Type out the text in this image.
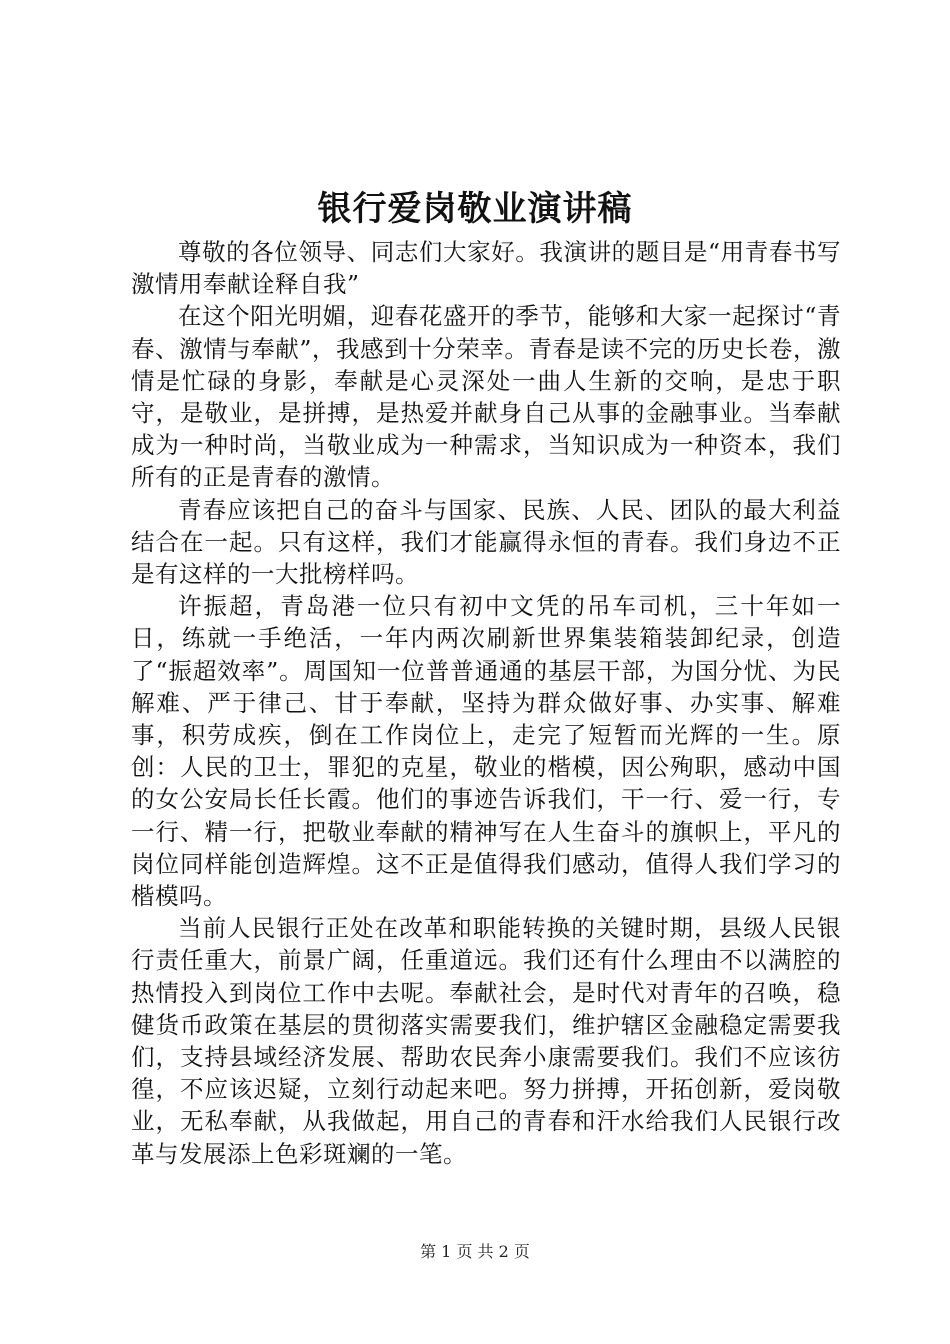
银行爱岗敬业演讲稿

尊敬的各位领导、同志们大家好。我演讲的题目是“用青春书写激情用奉献诠释自我”

在这个阳光明媚，迎春花盛开的季节，能够和大家一起探讨“青春、激情与奉献”，我感到十分荣幸。青春是读不完的历史长卷，激情是忙碌的身影，奉献是心灵深处一曲人生新的交响，是忠于职守，是敬业，是拼搏，是热爱并献身自己从事的金融事业。当奉献成为一种时尚，当敬业成为一种需求，当知识成为一种资本，我们所有的正是青春的激情。

青春应该把自己的奋斗与国家、民族、人民、团队的最大利益结合在一起。只有这样，我们才能赢得永恒的青春。我们身边不正是有这样的一大批榜样吗。

许振超，青岛港一位只有初中文凭的吊车司机，三十年如一日，练就一手绝活，一年内两次刷新世界集装箱装卸纪录，创造了“振超效率”。周国知一位普普通通的基层干部，为国分忧、为民解难、严于律己、甘于奉献，坚持为群众做好事、办实事、解难事，积劳成疾，倒在工作岗位上，走完了短暂而光辉的一生。原创：人民的卫士，罪犯的克星，敬业的楷模，因公殉职，感动中国的女公安局长任长霞。他们的事迹告诉我们，干一行、爱一行，专一行、精一行，把敬业奉献的精神写在人生奋斗的旗帜上，平凡的岗位同样能创造辉煌。这不正是值得我们感动，值得人我们学习的楷模吗。

当前人民银行正处在改革和职能转换的关键时期，县级人民银行责任重大，前景广阔，任重道远。我们还有什么理由不以满腔的热情投入到岗位工作中去呢。奉献社会，是时代对青年的召唤，稳健货币政策在基层的贯彻落实需要我们，维护辖区金融稳定需要我们，支持县域经济发展、帮助农民奔小康需要我们。我们不应该彷徨，不应该迟疑，立刻行动起来吧。努力拼搏，开拓创新，爱岗敬业，无私奉献，从我做起，用自己的青春和汗水给我们人民银行改革与发展添上色彩斑斓的一笔。

第 1 页 共 2 页
